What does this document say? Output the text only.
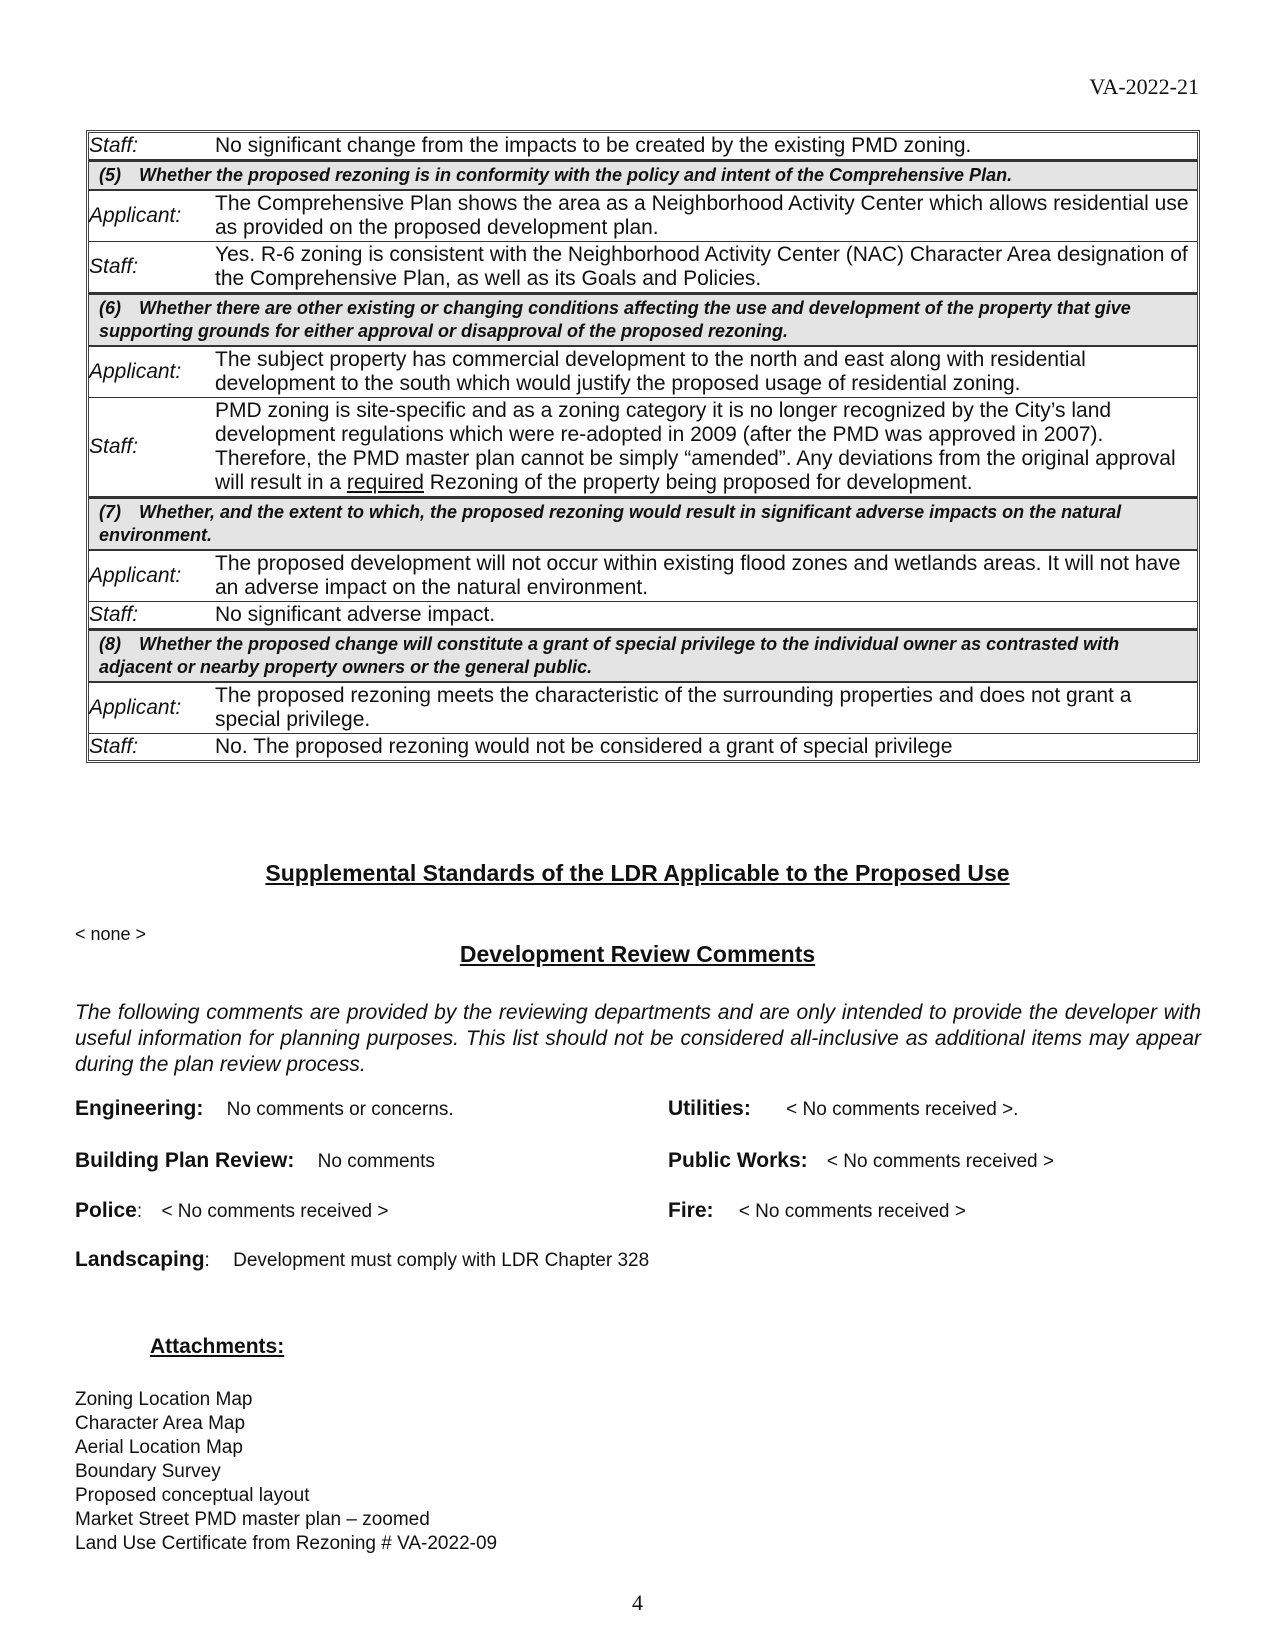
VA-2022-21
Staff:	No significant change from the impacts to be created by the existing PMD zoning.
(5) Whether the proposed rezoning is in conformity with the policy and intent of the Comprehensive Plan.	
Applicant:	The Comprehensive Plan shows the area as a Neighborhood Activity Center which allows residential use as provided on the proposed development plan.
Staff:	Yes. R-6 zoning is consistent with the Neighborhood Activity Center (NAC) Character Area designation of the Comprehensive Plan, as well as its Goals and Policies.
(6) Whether there are other existing or changing conditions affecting the use and development of the property that give supporting grounds for either approval or disapproval of the proposed rezoning.	
Applicant:	The subject property has commercial development to the north and east along with residential development to the south which would justify the proposed usage of residential zoning.
Staff:	PMD zoning is site-specific and as a zoning category it is no longer recognized by the City’s land development regulations which were re-adopted in 2009 (after the PMD was approved in 2007). Therefore, the PMD master plan cannot be simply “amended”. Any deviations from the original approval will result in a required Rezoning of the property being proposed for development.
(7) Whether, and the extent to which, the proposed rezoning would result in significant adverse impacts on the natural environment.	
Applicant:	The proposed development will not occur within existing flood zones and wetlands areas. It will not have an adverse impact on the natural environment.
Staff:	No significant adverse impact.
(8) Whether the proposed change will constitute a grant of special privilege to the individual owner as contrasted with adjacent or nearby property owners or the general public.	
Applicant:	The proposed rezoning meets the characteristic of the surrounding properties and does not grant a special privilege.
Staff:	No. The proposed rezoning would not be considered a grant of special privilege
Supplemental Standards of the LDR Applicable to the Proposed Use
< none >
Development Review Comments
The following comments are provided by the reviewing departments and are only intended to provide the developer with useful information for planning purposes. This list should not be considered all-inclusive as additional items may appear during the plan review process.
Engineering: No comments or concerns.	Utilities: < No comments received >.
Building Plan Review: No comments	Public Works: < No comments received >
Police: < No comments received >	Fire: < No comments received >
Landscaping: Development must comply with LDR Chapter 328
Attachments:
Zoning Location Map
Character Area Map
Aerial Location Map
Boundary Survey
Proposed conceptual layout
Market Street PMD master plan – zoomed
Land Use Certificate from Rezoning # VA-2022-09
4
